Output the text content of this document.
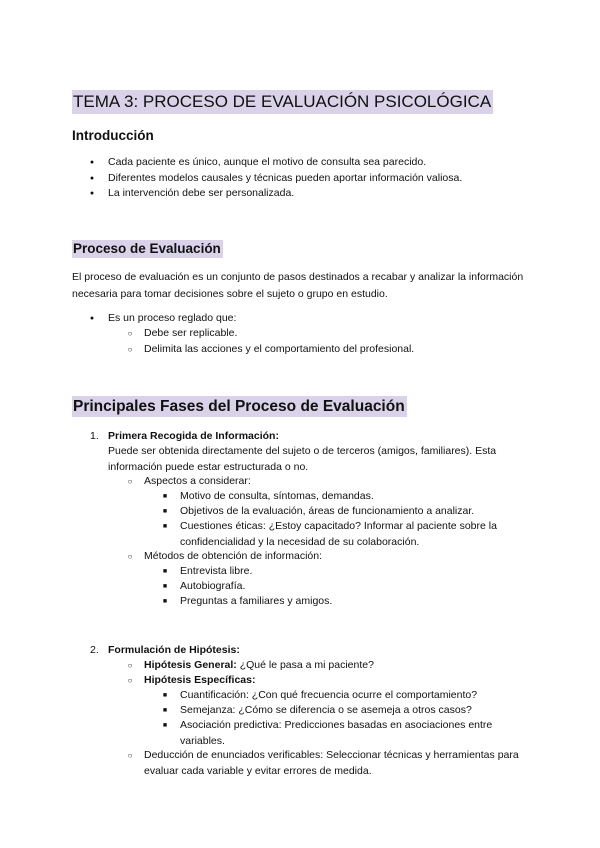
TEMA 3: PROCESO DE EVALUACIÓN PSICOLÓGICA
Introducción
●

Cada paciente es único, aunque el motivo de consulta sea parecido.

●

Diferentes modelos causales y técnicas pueden aportar información valiosa.

●

La intervención debe ser personalizada.

Proceso de Evaluación

El proceso de evaluación es un conjunto de pasos destinados a recabar y analizar la información necesaria para tomar decisiones sobre el sujeto o grupo en estudio.

●

Es un proceso reglado que:

○

Debe ser replicable.

○

Delimita las acciones y el comportamiento del profesional.

Principales Fases del Proceso de Evaluación
1. Primera Recogida de Información:

Puede ser obtenida directamente del sujeto o de terceros (amigos, familiares). Esta información puede estar estructurada o no.

○

Aspectos a considerar:

■

Motivo de consulta, síntomas, demandas.

■

Objetivos de la evaluación, áreas de funcionamiento a analizar.

■

Cuestiones éticas: ¿Estoy capacitado? Informar al paciente sobre la confidencialidad y la necesidad de su colaboración.

○

Métodos de obtención de información:

■

Entrevista libre.

■

Autobiografía.

■

Preguntas a familiares y amigos.

2. Formulación de Hipótesis:

○

Hipótesis General: ¿Qué le pasa a mi paciente?

○

Hipótesis Específicas:

■

Cuantificación: ¿Con qué frecuencia ocurre el comportamiento?

■

Semejanza: ¿Cómo se diferencia o se asemeja a otros casos?

■

Asociación predictiva: Predicciones basadas en asociaciones entre variables.

○

Deducción de enunciados verificables: Seleccionar técnicas y herramientas para evaluar cada variable y evitar errores de medida.
